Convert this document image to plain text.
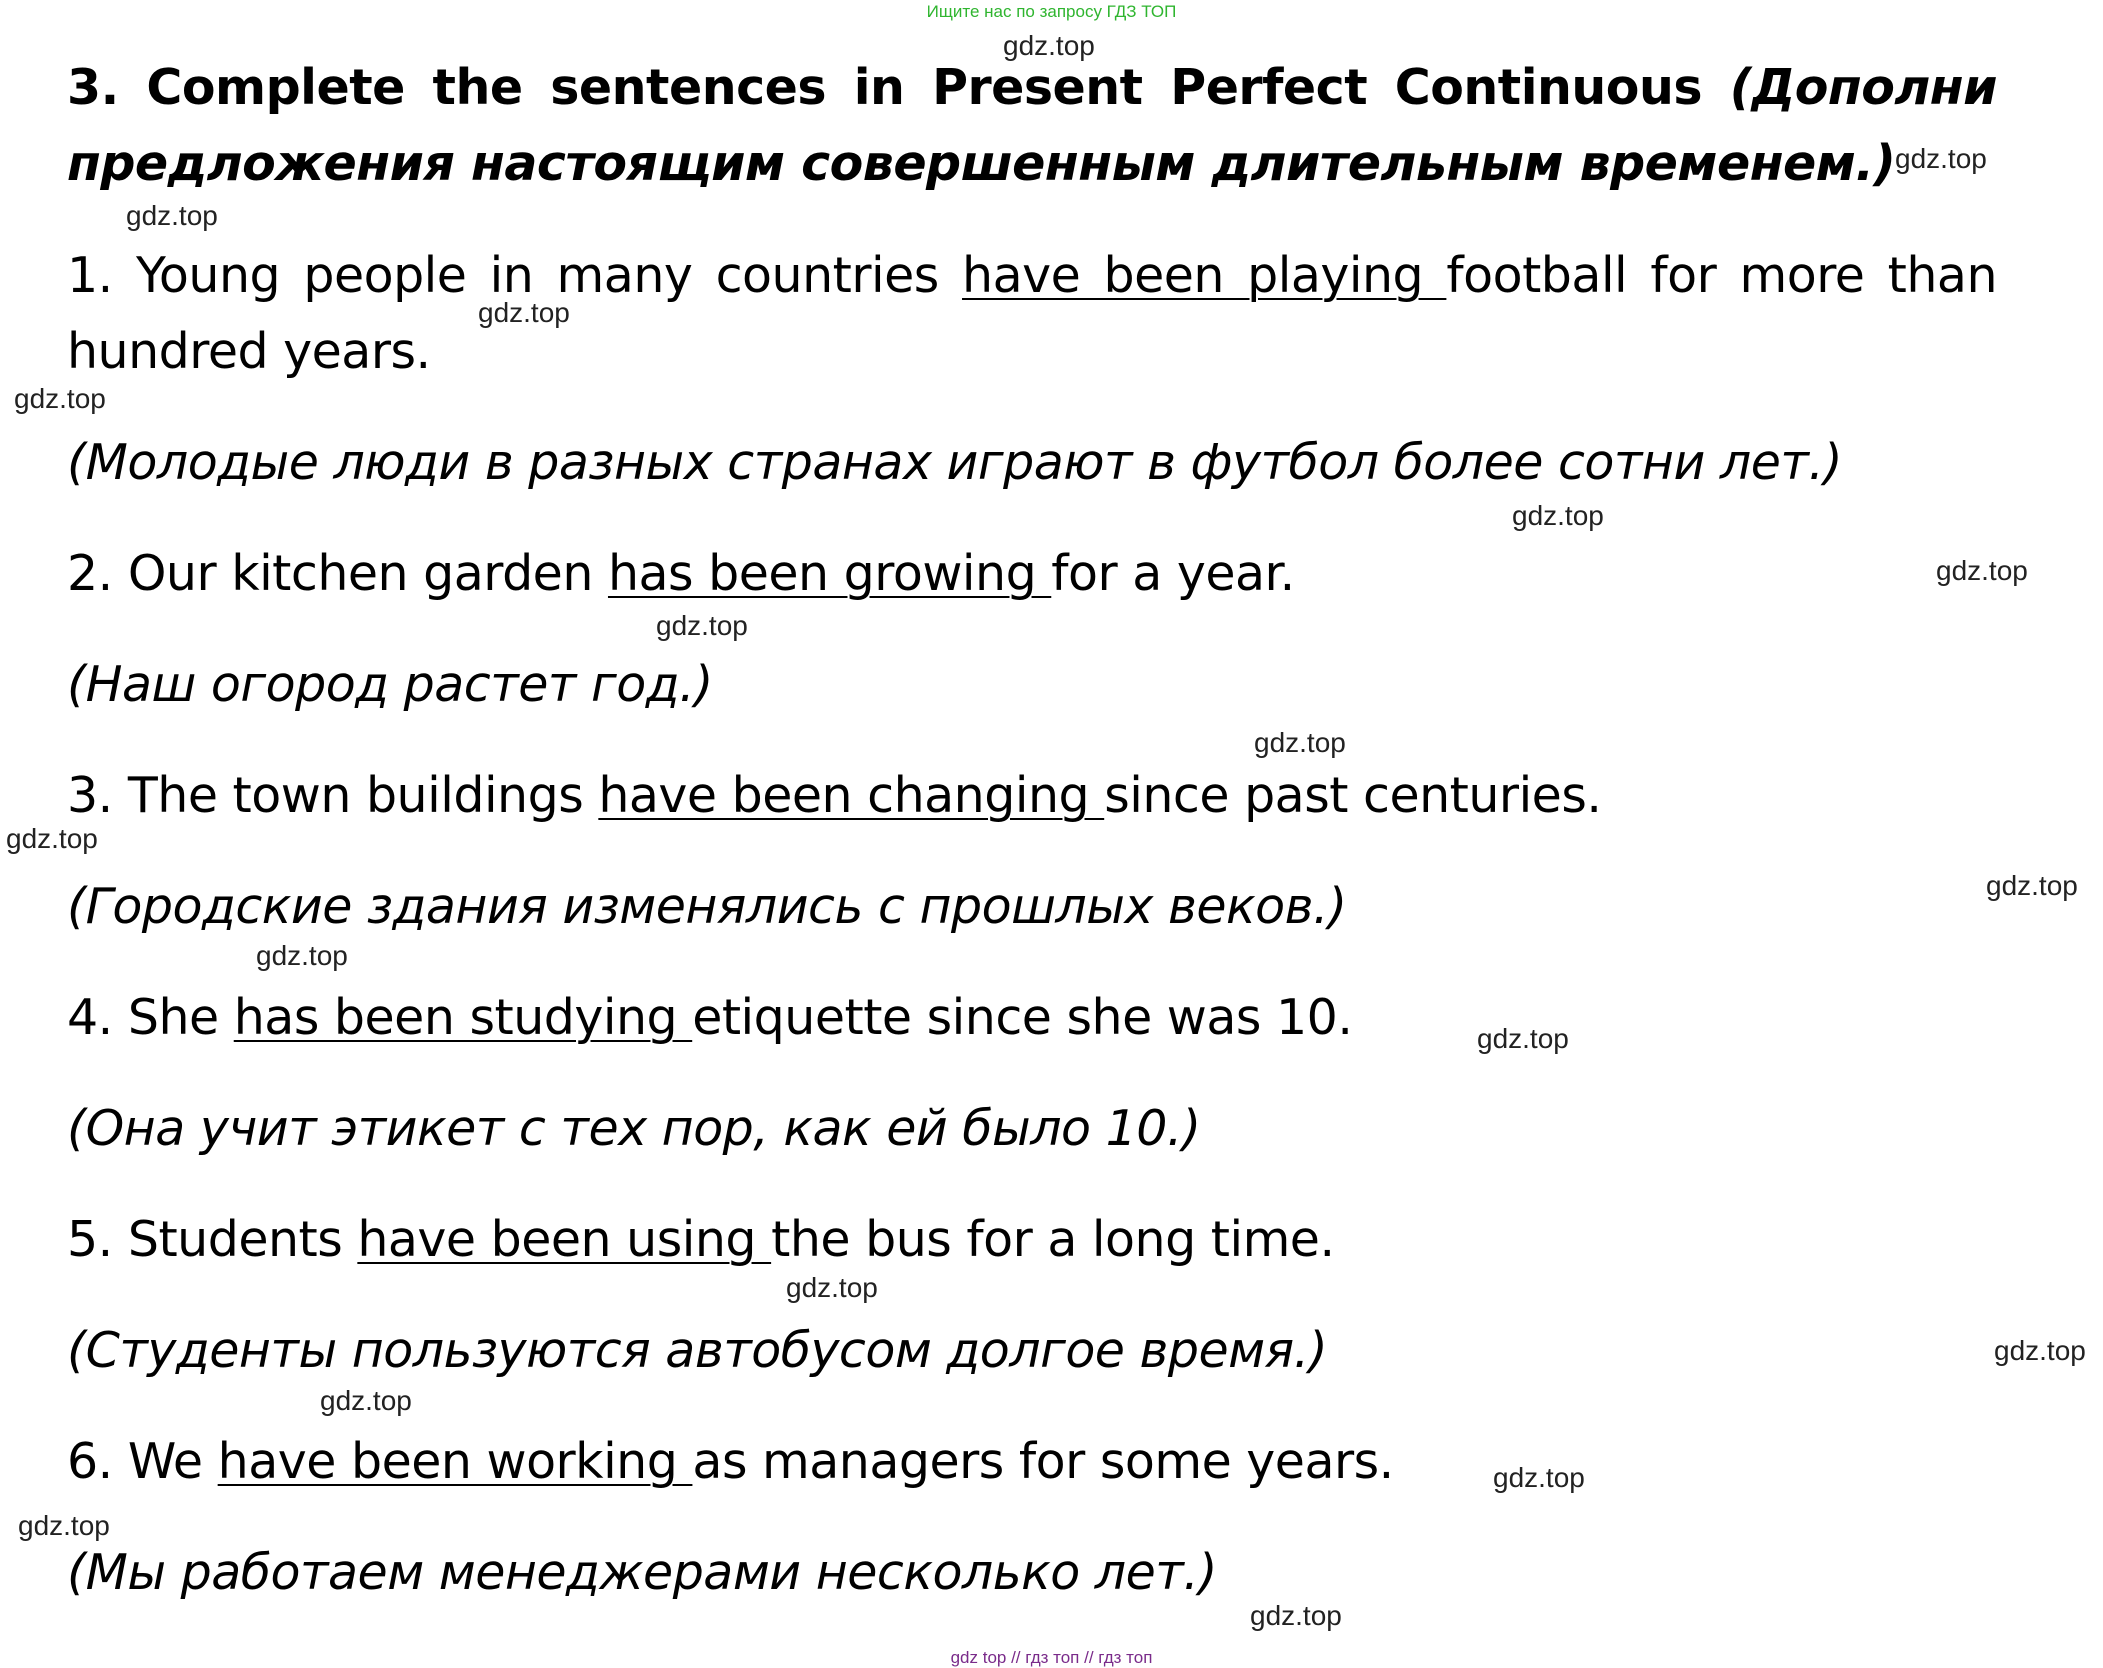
Ищите нас по запросу ГДЗ ТОП
3. Complete the sentences in Present Perfect Continuous (Дополни предложения настоящим совершенным длительным временем.)
1. Young people in many countries have been playing football for more than hundred years.
(Молодые люди в разных странах играют в футбол более сотни лет.)
2. Our kitchen garden has been growing for a year.
(Наш огород растет год.)
3. The town buildings have been changing since past centuries.
(Городские здания изменялись с прошлых веков.)
4. She has been studying etiquette since she was 10.
(Она учит этикет с тех пор, как ей было 10.)
5. Students have been using the bus for a long time.
(Студенты пользуются автобусом долгое время.)
6. We have been working as managers for some years.
(Мы работаем менеджерами несколько лет.)
gdz.top
gdz.top
gdz.top
gdz.top
gdz.top
gdz.top
gdz.top
gdz.top
gdz.top
gdz.top
gdz.top
gdz.top
gdz.top
gdz.top
gdz.top
gdz.top
gdz.top
gdz.top
gdz.top
gdz top // гдз топ // гдз топ
